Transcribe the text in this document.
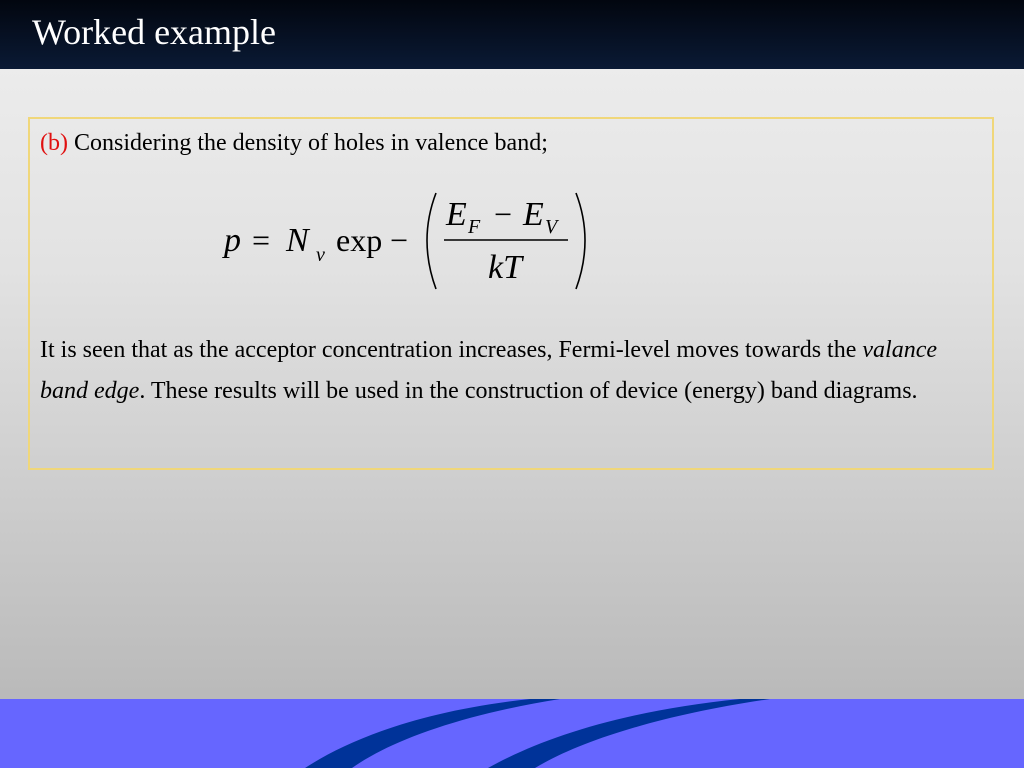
Worked example
(b) Considering the density of holes in valence band;
p = N v exp −
E F − E V
kT
It is seen that as the acceptor concentration increases, Fermi-level moves towards the valance band edge. These results will be used in the construction of device (energy) band diagrams.
